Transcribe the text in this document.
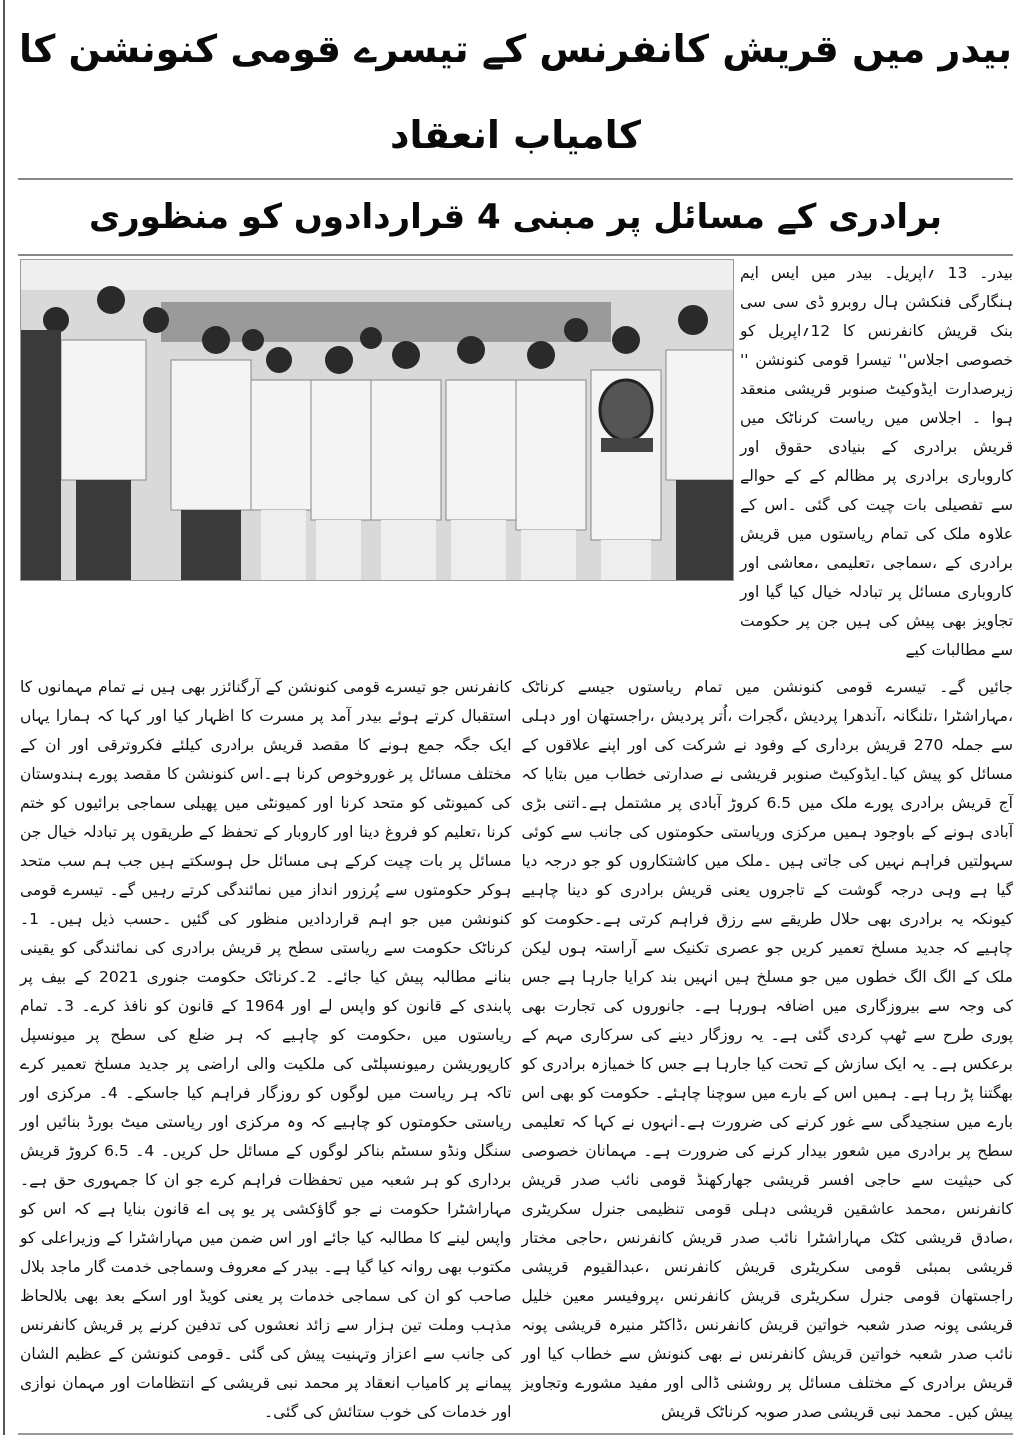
بیدر میں قریش کانفرنس کے تیسرے قومی کنونشن کا کامیاب انعقاد
برادری کے مسائل پر مبنی 4 قراردادوں کو منظوری

بیدر۔ 13 ؍اپریل۔ بیدر میں ایس ایم ہنگارگی فنکشن ہال روبرو ڈی سی سی بنک قریش کانفرنس کا 12؍اپریل کو خصوصی اجلاس'' تیسرا قومی کنونشن '' زیرصدارت ایڈوکیٹ صنوبر قریشی منعقد ہوا ۔ اجلاس میں ریاست کرناٹک میں قریش برادری کے بنیادی حقوق اور کاروباری برادری پر مظالم کے کے حوالے سے تفصیلی بات چیت کی گئی ۔اس کے علاوہ ملک کی تمام ریاستوں میں قریش برادری کے ،سماجی ،تعلیمی ،معاشی اور کاروباری مسائل پر تبادلہ خیال کیا گیا اور تجاویز بھی پیش کی ہیں جن پر حکومت سے مطالبات کیے

جائیں گے۔ تیسرے قومی کنونشن میں تمام ریاستوں جیسے کرناٹک ،مہاراشٹرا ،تلنگانہ ،آندھرا پردیش ،گجرات ،اُتر پردیش ،راجستھان اور دہلی سے جملہ 270 قریش برداری کے وفود نے شرکت کی اور اپنے علاقوں کے مسائل کو پیش کیا۔ایڈوکیٹ صنوبر قریشی نے صدارتی خطاب میں بتایا کہ آج قریش برادری پورے ملک میں 6.5 کروڑ آبادی پر مشتمل ہے۔اتنی بڑی آبادی ہونے کے باوجود ہمیں مرکزی وریاستی حکومتوں کی جانب سے کوئی سہولتیں فراہم نہیں کی جاتی ہیں ۔ملک میں کاشتکاروں کو جو درجہ دیا گیا ہے وہی درجہ گوشت کے تاجروں یعنی قریش برادری کو دینا چاہیے کیونکہ یہ برادری بھی حلال طریقے سے رزق فراہم کرتی ہے۔حکومت کو چاہیے کہ جدید مسلخ تعمیر کریں جو عصری تکنیک سے آراستہ ہوں لیکن ملک کے الگ الگ خطوں میں جو مسلخ ہیں انہیں بند کرایا جارہا ہے جس کی وجہ سے بیروزگاری میں اضافہ ہورہا ہے۔ جانوروں کی تجارت بھی پوری طرح سے ٹھپ کردی گئی ہے۔ یہ روزگار دینے کی سرکاری مہم کے برعکس ہے۔ یہ ایک سازش کے تحت کیا جارہا ہے جس کا خمیازہ برادری کو بھگتنا پڑ رہا ہے۔ ہمیں اس کے بارے میں سوچنا چاہئے۔ حکومت کو بھی اس بارے میں سنجیدگی سے غور کرنے کی ضرورت ہے۔انہوں نے کہا کہ تعلیمی سطح پر برادری میں شعور بیدار کرنے کی ضرورت ہے۔ مہمانان خصوصی کی حیثیت سے حاجی افسر قریشی جھارکھنڈ قومی نائب صدر قریش کانفرنس ،محمد عاشقین قریشی دہلی قومی تنظیمی جنرل سکریٹری ،صادق قریشی کٹک مہاراشٹرا نائب صدر قریش کانفرنس ،حاجی مختار قریشی بمبئی قومی سکریٹری قریش کانفرنس ،عبدالقیوم قریشی راجستھان قومی جنرل سکریٹری قریش کانفرنس ،پروفیسر معین خلیل قریشی پونہ صدر شعبہ خواتین قریش کانفرنس ،ڈاکٹر منیرہ قریشی پونہ نائب صدر شعبہ خواتین قریش کانفرنس نے بھی کنونش سے خطاب کیا اور قریش برادری کے مختلف مسائل پر روشنی ڈالی اور مفید مشورے وتجاویز پیش کیں۔ محمد نبی قریشی صدر صوبہ کرناٹک قریش

کانفرنس جو تیسرے قومی کنونشن کے آرگنائزر بھی ہیں نے تمام مہمانوں کا استقبال کرتے ہوئے بیدر آمد پر مسرت کا اظہار کیا اور کہا کہ ہمارا یہاں ایک جگہ جمع ہونے کا مقصد قریش برادری کیلئے فکروترقی اور ان کے مختلف مسائل پر غوروخوص کرنا ہے۔اس کنونشن کا مقصد پورے ہندوستان کی کمیونٹی کو متحد کرنا اور کمیونٹی میں پھیلی سماجی برائیوں کو ختم کرنا ،تعلیم کو فروغ دینا اور کاروبار کے تحفظ کے طریقوں پر تبادلہ خیال جن مسائل پر بات چیت کرکے ہی مسائل حل ہوسکتے ہیں جب ہم سب متحد ہوکر حکومتوں سے پُرزور انداز میں نمائندگی کرتے رہیں گے۔ تیسرے قومی کنونشن میں جو اہم قراردادیں منظور کی گئیں ۔حسب ذیل ہیں۔ 1۔ کرناٹک حکومت سے ریاستی سطح پر قریش برادری کی نمائندگی کو یقینی بنانے مطالبہ پیش کیا جائے۔ 2۔کرناٹک حکومت جنوری 2021 کے بیف پر پابندی کے قانون کو واپس لے اور 1964 کے قانون کو نافذ کرے۔ 3۔ تمام ریاستوں میں ،حکومت کو چاہیے کہ ہر ضلع کی سطح پر میونسپل کارپوریشن رمیونسپلٹی کی ملکیت والی اراضی پر جدید مسلخ تعمیر کرے تاکہ ہر ریاست میں لوگوں کو روزگار فراہم کیا جاسکے۔ 4۔ مرکزی اور ریاستی حکومتوں کو چاہیے کہ وہ مرکزی اور ریاستی میٹ بورڈ بنائیں اور سنگل ونڈو سسٹم بناکر لوگوں کے مسائل حل کریں۔ 4۔ 6.5 کروڑ قریش برداری کو ہر شعبہ میں تحفظات فراہم کرے جو ان کا جمہوری حق ہے۔ مہاراشٹرا حکومت نے جو گاؤکشی پر یو پی اے قانون بنایا ہے کہ اس کو واپس لینے کا مطالبہ کیا جائے اور اس ضمن میں مہاراشٹرا کے وزیراعلی کو مکتوب بھی روانہ کیا گیا ہے۔ بیدر کے معروف وسماجی خدمت گار ماجد بلال صاحب کو ان کی سماجی خدمات پر یعنی کویڈ اور اسکے بعد بھی بلالحاظ مذہب وملت تین ہزار سے زائد نعشوں کی تدفین کرنے پر قریش کانفرنس کی جانب سے اعزاز وتہنیت پیش کی گئی ۔قومی کنونشن کے عظیم الشان پیمانے پر کامیاب انعقاد پر محمد نبی قریشی کے انتظامات اور مہمان نوازی اور خدمات کی خوب ستائش کی گئی۔
